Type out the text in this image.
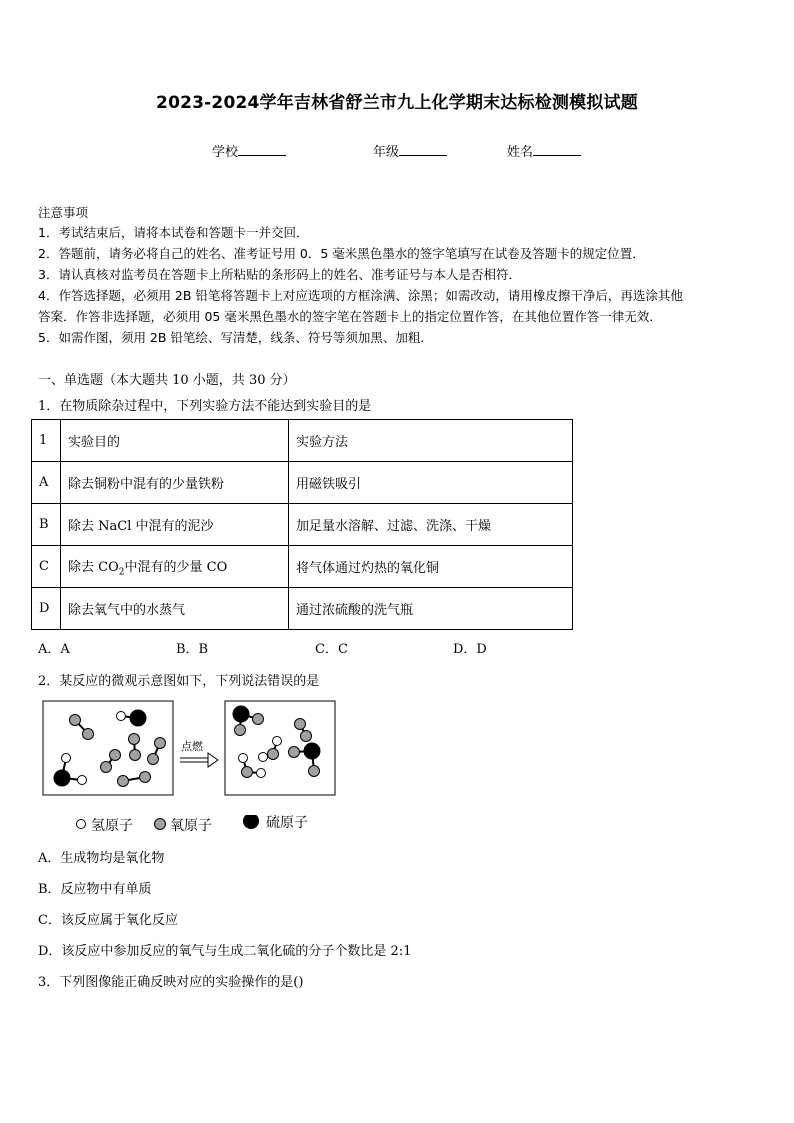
2023-2024学年吉林省舒兰市九上化学期末达标检测模拟试题
学校	年级	姓名
注意事项
1．考试结束后，请将本试卷和答题卡一并交回．
2．答题前，请务必将自己的姓名、准考证号用 0．5 毫米黑色墨水的签字笔填写在试卷及答题卡的规定位置．
3．请认真核对监考员在答题卡上所粘贴的条形码上的姓名、准考证号与本人是否相符．
4．作答选择题，必须用 2B 铅笔将答题卡上对应选项的方框涂满、涂黑；如需改动，请用橡皮擦干净后，再选涂其他
答案．作答非选择题，必须用 05 毫米黑色墨水的签字笔在答题卡上的指定位置作答，在其他位置作答一律无效．
5．如需作图，须用 2B 铅笔绘、写清楚，线条、符号等须加黑、加粗．
一、单选题（本大题共 10 小题，共 30 分）
1．在物质除杂过程中，下列实验方法不能达到实验目的是
1	实验目的	实验方法
A	除去铜粉中混有的少量铁粉	用磁铁吸引
B	除去 NaCl 中混有的泥沙	加足量水溶解、过滤、洗涤、干燥
C	除去 $CO_2$中混有的少量 CO	将气体通过灼热的氧化铜
D	除去氧气中的水蒸气	通过浓硫酸的洗气瓶
A．A	B．B	C．C	D．D
2．某反应的微观示意图如下，下列说法错误的是
点燃
氢原子	氧原子	硫原子
A．生成物均是氧化物
B．反应物中有单质
C．该反应属于氧化反应
D．该反应中参加反应的氧气与生成二氧化硫的分子个数比是 2:1
3．下列图像能正确反映对应的实验操作的是()
